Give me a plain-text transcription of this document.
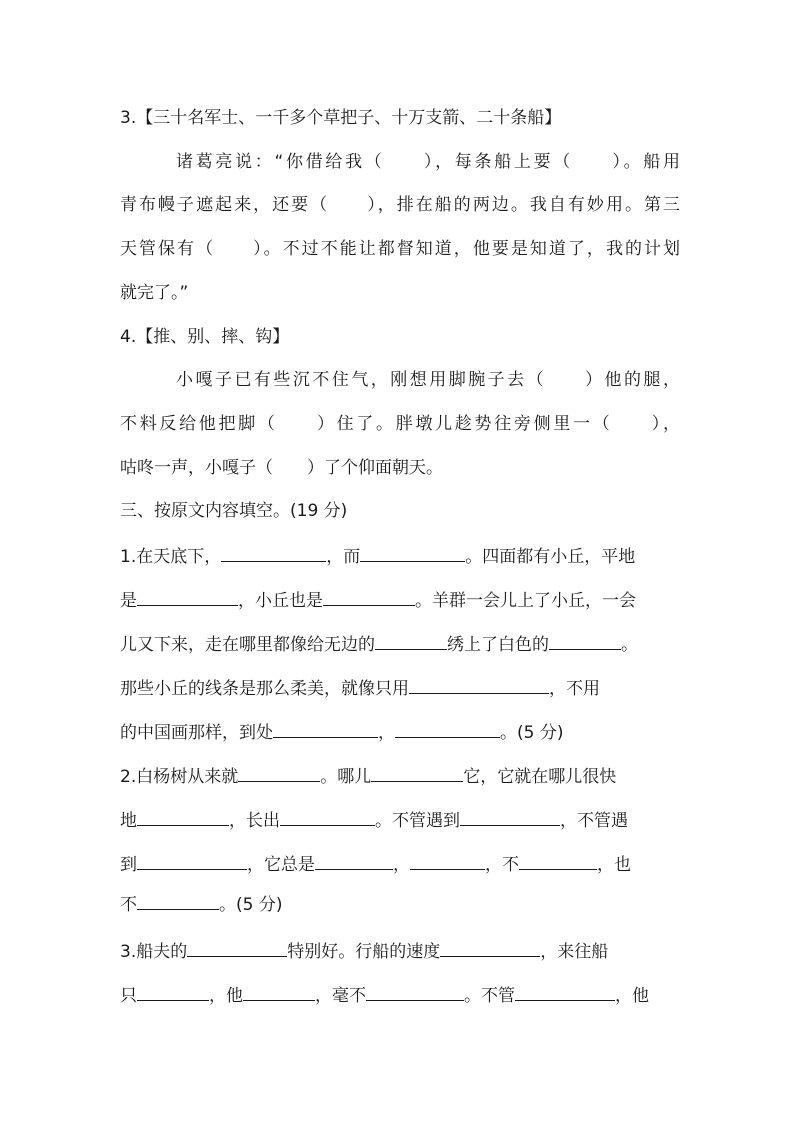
3.【三十名军士、一千多个草把子、十万支箭、二十条船】
诸葛亮说：“你借给我（　　），每条船上要（　　）。船用
青布幔子遮起来，还要（　　），排在船的两边。我自有妙用。第三
天管保有（　　）。不过不能让都督知道，他要是知道了，我的计划
就完了。”
4.【推、别、摔、钩】
小嘎子已有些沉不住气，刚想用脚腕子去（　　）他的腿，
不料反给他把脚（　　）住了。胖墩儿趁势往旁侧里一（　　），
咕咚一声，小嘎子（　　）了个仰面朝天。
三、按原文内容填空。(19 分)
1.在天底下，	，而	。四面都有小丘，平地
是	，小丘也是	。羊群一会儿上了小丘，一会
儿又下来，走在哪里都像给无边的	绣上了白色的	。
那些小丘的线条是那么柔美，就像只用	，不用
的中国画那样，到处	，	。(5 分)
2.白杨树从来就	。哪儿	它，它就在哪儿很快
地	，长出	。不管遇到	，不管遇
到	，它总是	，	，不	，也
不	。(5 分)
3.船夫的	特别好。行船的速度	，来往船
只	，他	，毫不	。不管	，他
